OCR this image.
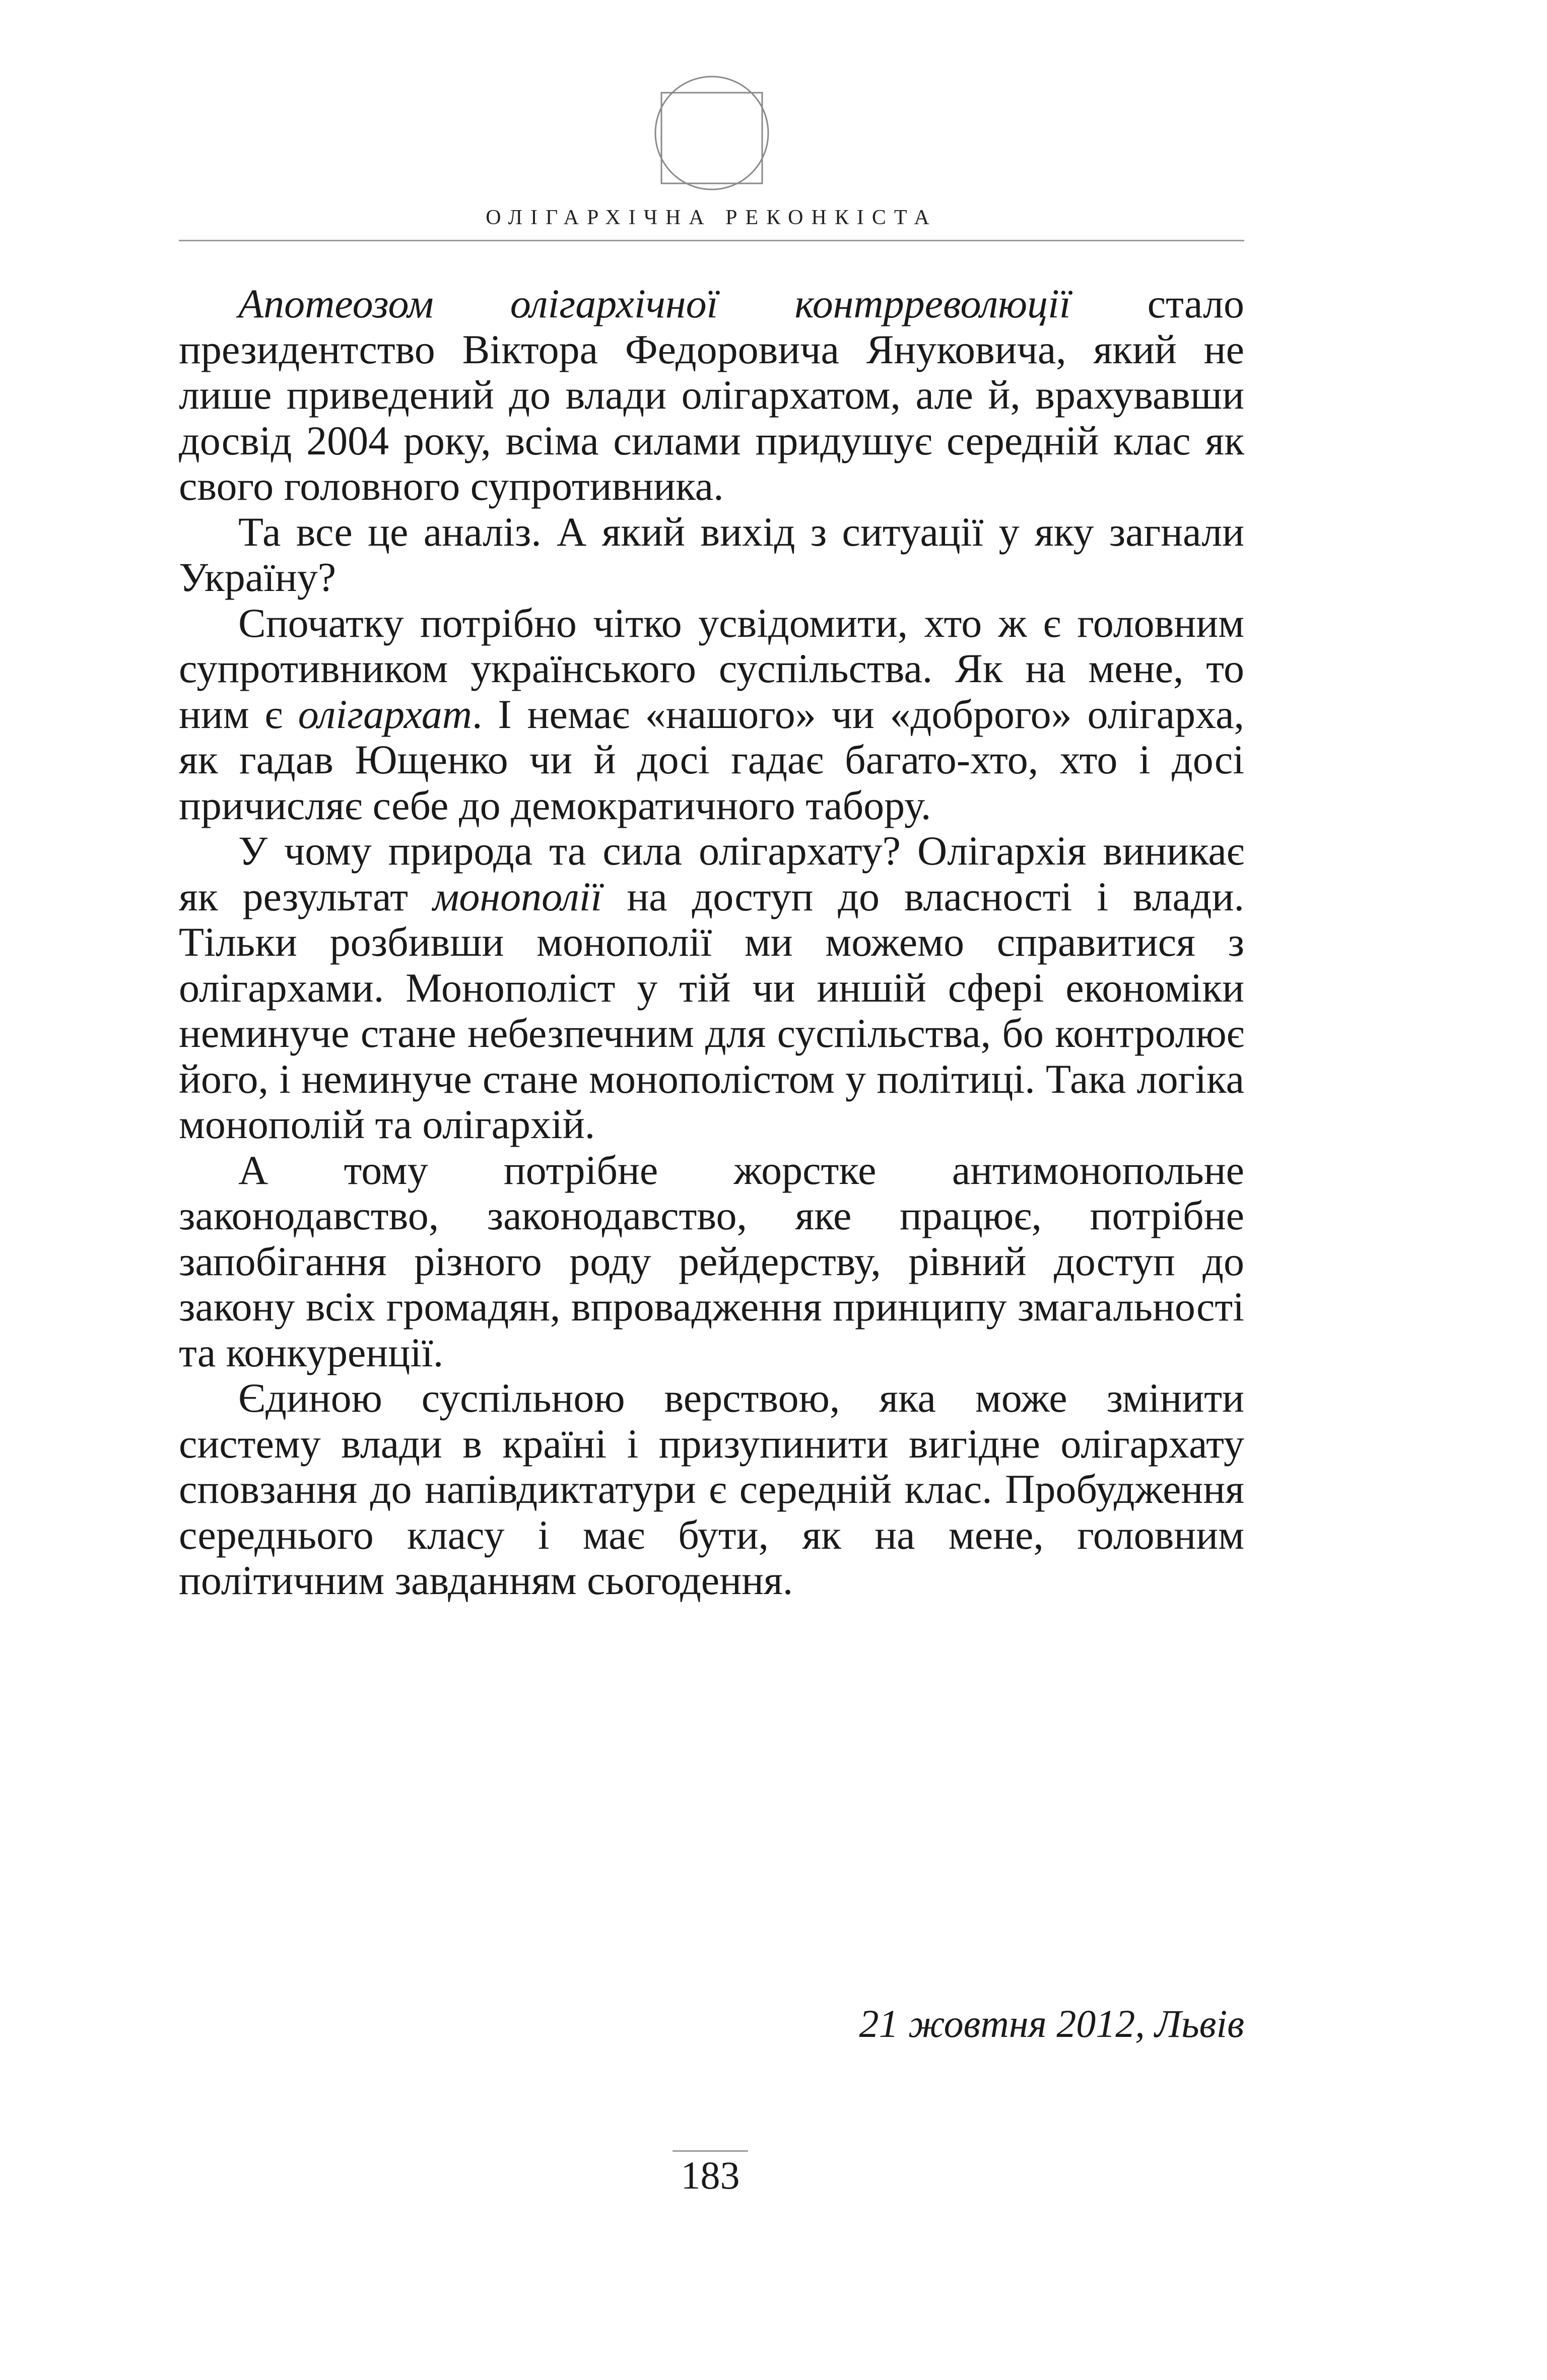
ОЛІГАРХІЧНА РЕКОНКІСТА

Апотеозом олігархічної контрреволюції стало президентство Віктора Федоровича Януковича, який не лише приведений до влади олігархатом, але й, врахувавши досвід 2004 року, всіма силами придушує середній клас як свого головного супротивника.

Та все це аналіз. А який вихід з ситуації у яку загнали Україну?

Спочатку потрібно чітко усвідомити, хто ж є головним супротивником українського суспільства. Як на мене, то ним є олігархат. І немає «нашого» чи «доброго» олігарха, як гадав Ющенко чи й досі гадає багато-хто, хто і досі причисляє себе до демократичного табору.

У чому природа та сила олігархату? Олігархія виникає як результат монополії на доступ до власності і влади. Тільки розбивши монополії ми можемо справитися з олігархами. Монополіст у тій чи иншій сфері економіки неминуче стане небезпечним для суспільства, бо контролює його, і неминуче стане монополістом у політиці. Така логіка монополій та олігархій.

А тому потрібне жорстке антимонопольне законодавство, законодавство, яке працює, потрібне запобігання різного роду рейдерству, рівний доступ до закону всіх громадян, впровадження принципу змагальності та конкуренції.

Єдиною суспільною верствою, яка може змінити систему влади в країні і призупинити вигідне олігархату сповзання до напівдиктатури є середній клас. Пробудження середнього класу і має бути, як на мене, головним політичним завданням сьогодення.

21 жовтня 2012, Львів
183
